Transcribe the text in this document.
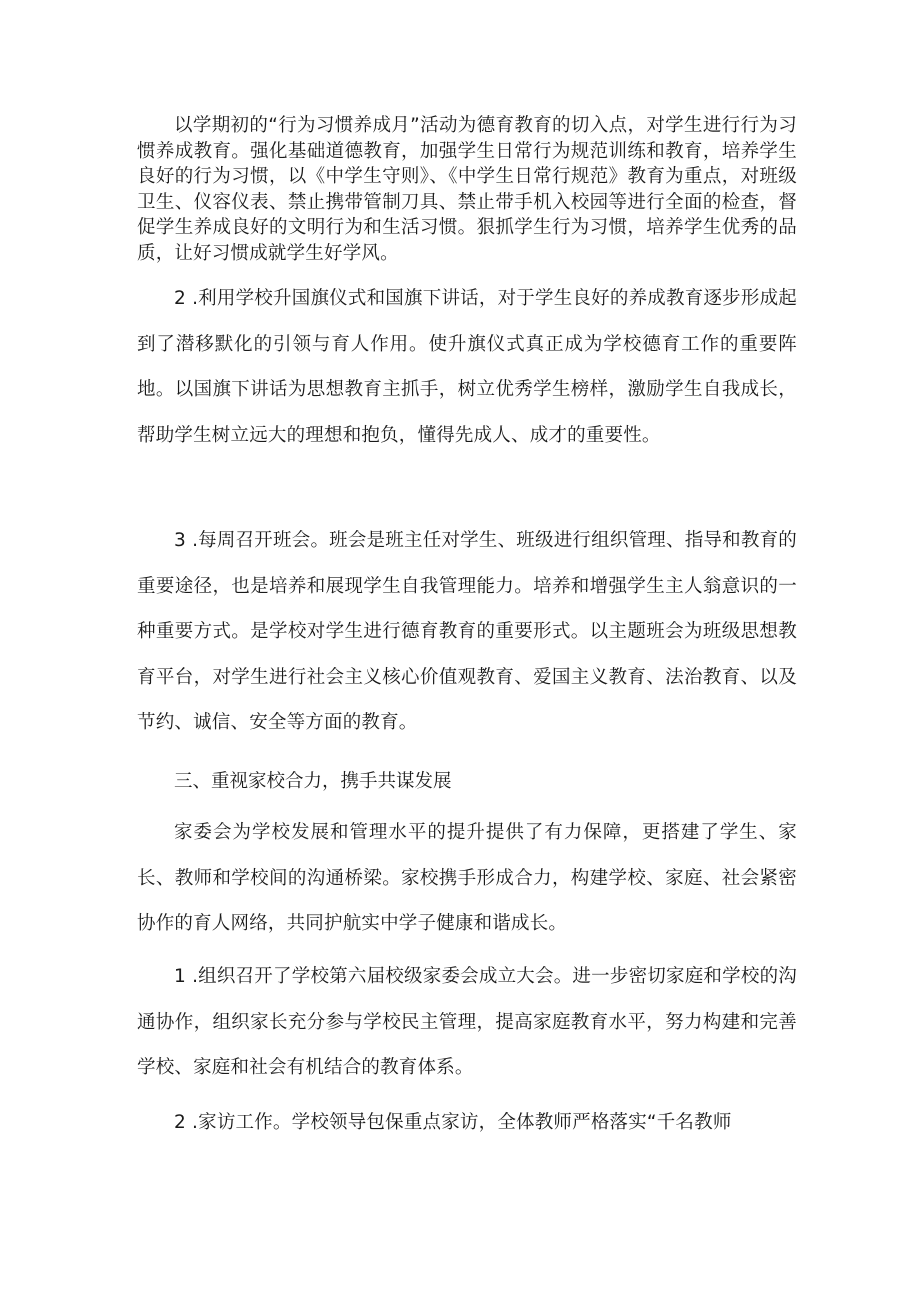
以学期初的“行为习惯养成月”活动为德育教育的切入点，对学生进行行为习惯养成教育。强化基础道德教育，加强学生日常行为规范训练和教育，培养学生良好的行为习惯，以《中学生守则》、《中学生日常行规范》教育为重点，对班级卫生、仪容仪表、禁止携带管制刀具、禁止带手机入校园等进行全面的检查，督促学生养成良好的文明行为和生活习惯。狠抓学生行为习惯，培养学生优秀的品质，让好习惯成就学生好学风。

2 .利用学校升国旗仪式和国旗下讲话，对于学生良好的养成教育逐步形成起到了潜移默化的引领与育人作用。使升旗仪式真正成为学校德育工作的重要阵地。以国旗下讲话为思想教育主抓手，树立优秀学生榜样，激励学生自我成长，帮助学生树立远大的理想和抱负，懂得先成人、成才的重要性。

3 .每周召开班会。班会是班主任对学生、班级进行组织管理、指导和教育的重要途径，也是培养和展现学生自我管理能力。培养和增强学生主人翁意识的一种重要方式。是学校对学生进行德育教育的重要形式。以主题班会为班级思想教育平台，对学生进行社会主义核心价值观教育、爱国主义教育、法治教育、以及节约、诚信、安全等方面的教育。

三、重视家校合力，携手共谋发展

家委会为学校发展和管理水平的提升提供了有力保障，更搭建了学生、家长、教师和学校间的沟通桥梁。家校携手形成合力，构建学校、家庭、社会紧密协作的育人网络，共同护航实中学子健康和谐成长。

1 .组织召开了学校第六届校级家委会成立大会。进一步密切家庭和学校的沟通协作，组织家长充分参与学校民主管理，提高家庭教育水平，努力构建和完善学校、家庭和社会有机结合的教育体系。

2 .家访工作。学校领导包保重点家访，全体教师严格落实“千名教师
